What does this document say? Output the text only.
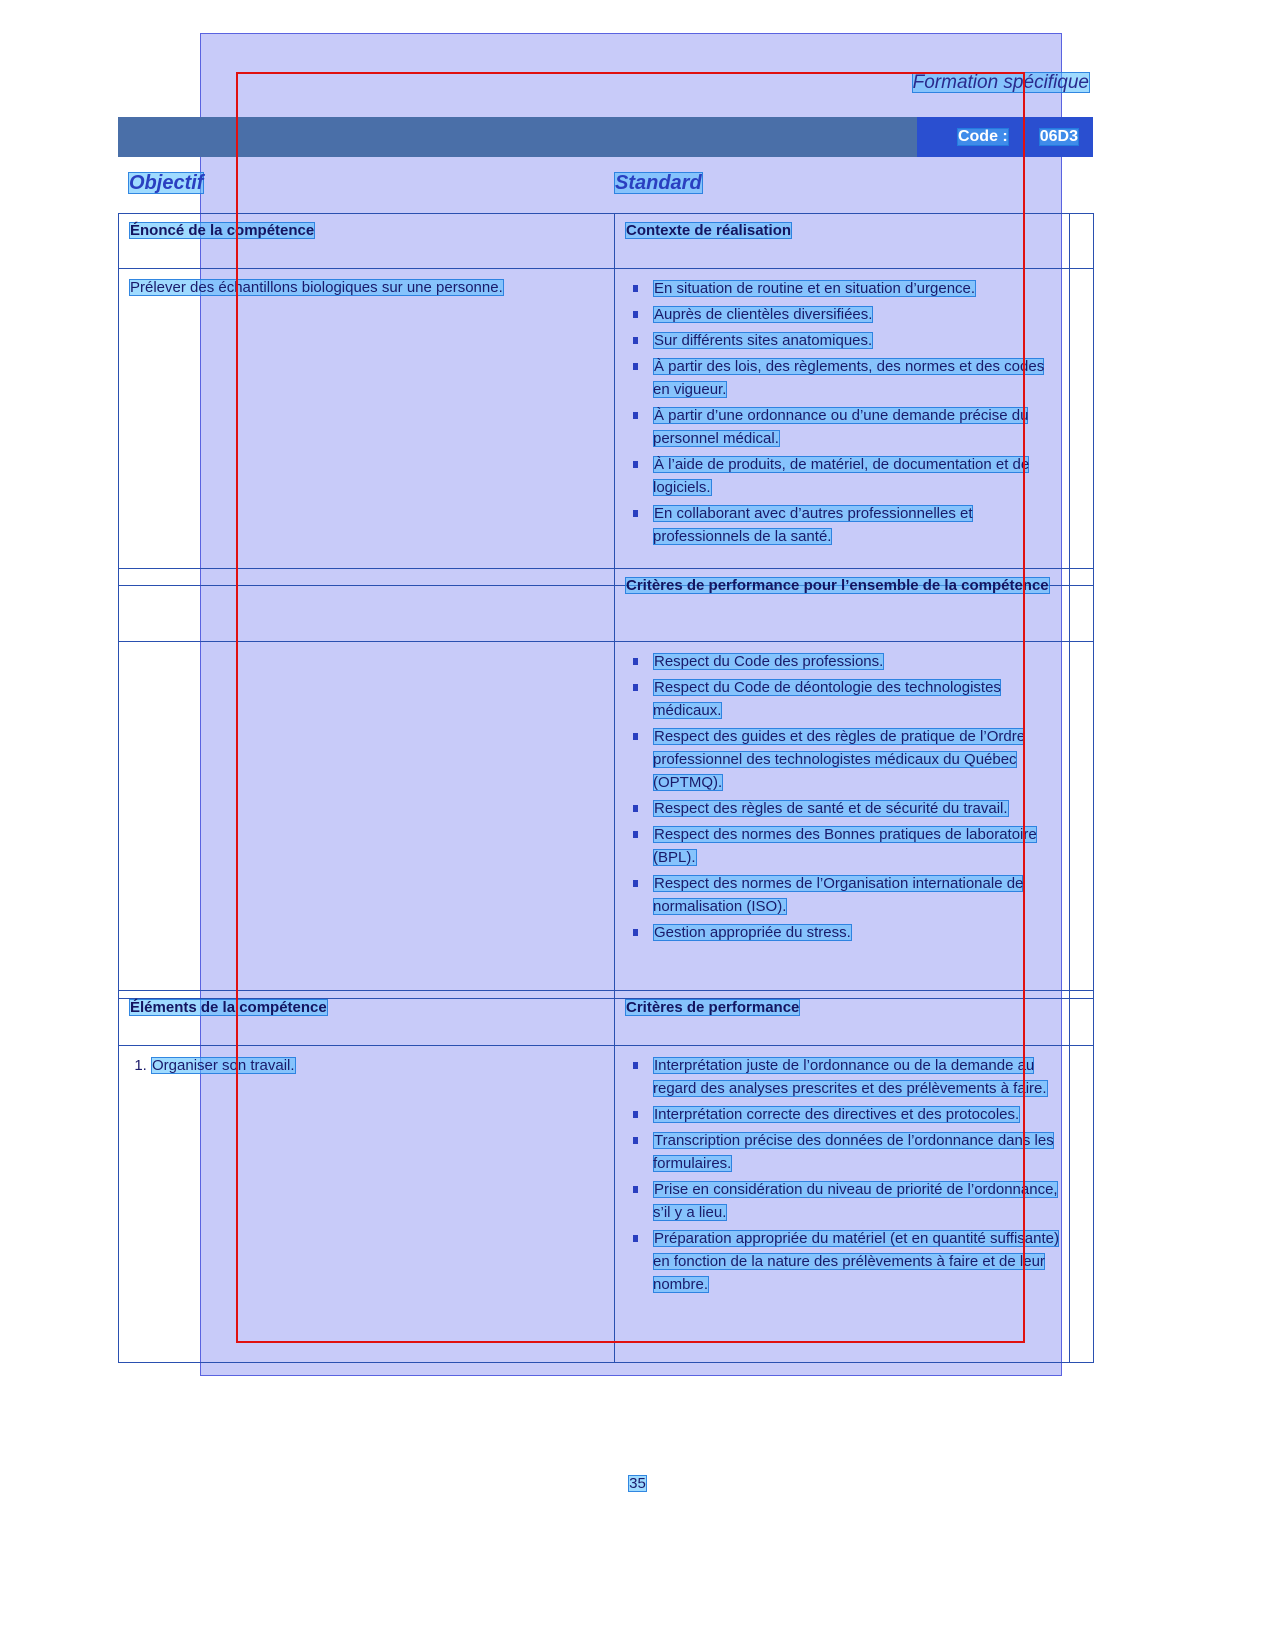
Formation spécifique
Code : 06D3
Objectif	Standard
Énoncé de la compétence	Contexte de réalisation	

Prélever des échantillons biologiques sur une personne.	En situation de routine et en situation d’urgence.
Auprès de clientèles diversifiées.
Sur différents sites anatomiques.
À partir des lois, des règlements, des normes et des codes en vigueur.
À partir d’une ordonnance ou d’une demande précise du personnel médical.
À l’aide de produits, de matériel, de documentation et de logiciels.
En collaborant avec d’autres professionnelles et professionnels de la santé.

	Critères de performance pour l’ensemble de la compétence	

Respect du Code des professions.
Respect du Code de déontologie des technologistes médicaux.
Respect des guides et des règles de pratique de l’Ordre professionnel des technologistes médicaux du Québec (OPTMQ).
Respect des règles de santé et de sécurité du travail.
Respect des normes des Bonnes pratiques de laboratoire (BPL).
Respect des normes de l’Organisation internationale de normalisation (ISO).
Gestion appropriée du stress.

Éléments de la compétence	Critères de performance	

1. Organiser son travail.	Interprétation juste de l’ordonnance ou de la demande au regard des analyses prescrites et des prélèvements à faire.
Interprétation correcte des directives et des protocoles.
Transcription précise des données de l’ordonnance dans les formulaires.
Prise en considération du niveau de priorité de l’ordonnance, s’il y a lieu.
Préparation appropriée du matériel (et en quantité suffisante) en fonction de la nature des prélèvements à faire et de leur nombre.

35
